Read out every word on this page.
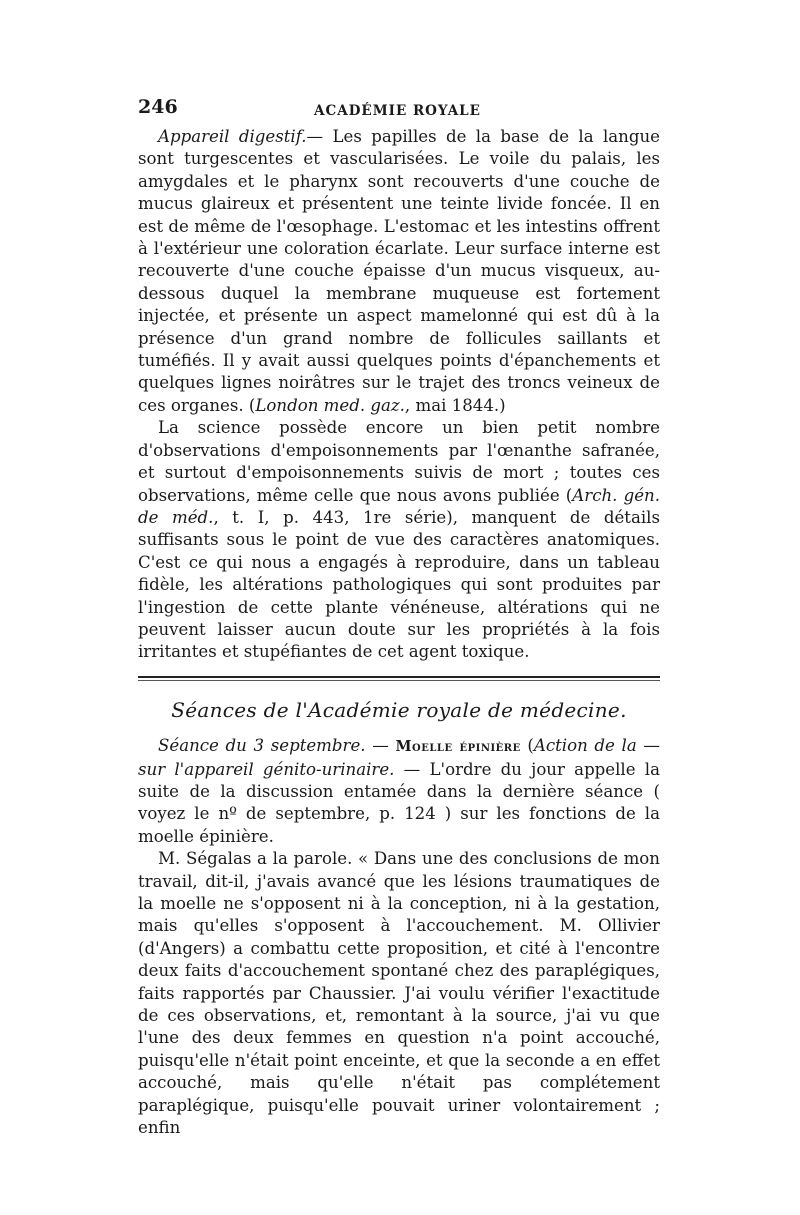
246	ACADÉMIE ROYALE

Appareil digestif.— Les papilles de la base de la langue sont turgescentes et vascularisées. Le voile du palais, les amygdales et le pharynx sont recouverts d'une couche de mucus glaireux et présentent une teinte livide foncée. Il en est de même de l'œsophage. L'estomac et les intestins offrent à l'extérieur une coloration écarlate. Leur surface interne est recouverte d'une couche épaisse d'un mucus visqueux, au-dessous duquel la membrane muqueuse est fortement injectée, et présente un aspect mamelonné qui est dû à la présence d'un grand nombre de follicules saillants et tuméfiés. Il y avait aussi quelques points d'épanchements et quelques lignes noirâtres sur le trajet des troncs veineux de ces organes. (London med. gaz., mai 1844.)

La science possède encore un bien petit nombre d'observations d'empoisonnements par l'œnanthe safranée, et surtout d'empoisonnements suivis de mort ; toutes ces observations, même celle que nous avons publiée (Arch. gén. de méd., t. I, p. 443, 1re série), manquent de détails suffisants sous le point de vue des caractères anatomiques. C'est ce qui nous a engagés à reproduire, dans un tableau fidèle, les altérations pathologiques qui sont produites par l'ingestion de cette plante vénéneuse, altérations qui ne peuvent laisser aucun doute sur les propriétés à la fois irritantes et stupéfiantes de cet agent toxique.

Séances de l'Académie royale de médecine.

Séance du 3 septembre. — Moelle épinière (Action de la — sur l'appareil génito-urinaire. — L'ordre du jour appelle la suite de la discussion entamée dans la dernière séance ( voyez le nº de septembre, p. 124 ) sur les fonctions de la moelle épinière.

M. Ségalas a la parole. « Dans une des conclusions de mon travail, dit-il, j'avais avancé que les lésions traumatiques de la moelle ne s'opposent ni à la conception, ni à la gestation, mais qu'elles s'opposent à l'accouchement. M. Ollivier (d'Angers) a combattu cette proposition, et cité à l'encontre deux faits d'accouchement spontané chez des paraplégiques, faits rapportés par Chaussier. J'ai voulu vérifier l'exactitude de ces observations, et, remontant à la source, j'ai vu que l'une des deux femmes en question n'a point accouché, puisqu'elle n'était point enceinte, et que la seconde a en effet accouché, mais qu'elle n'était pas complétement paraplégique, puisqu'elle pouvait uriner volontairement ; enfin
